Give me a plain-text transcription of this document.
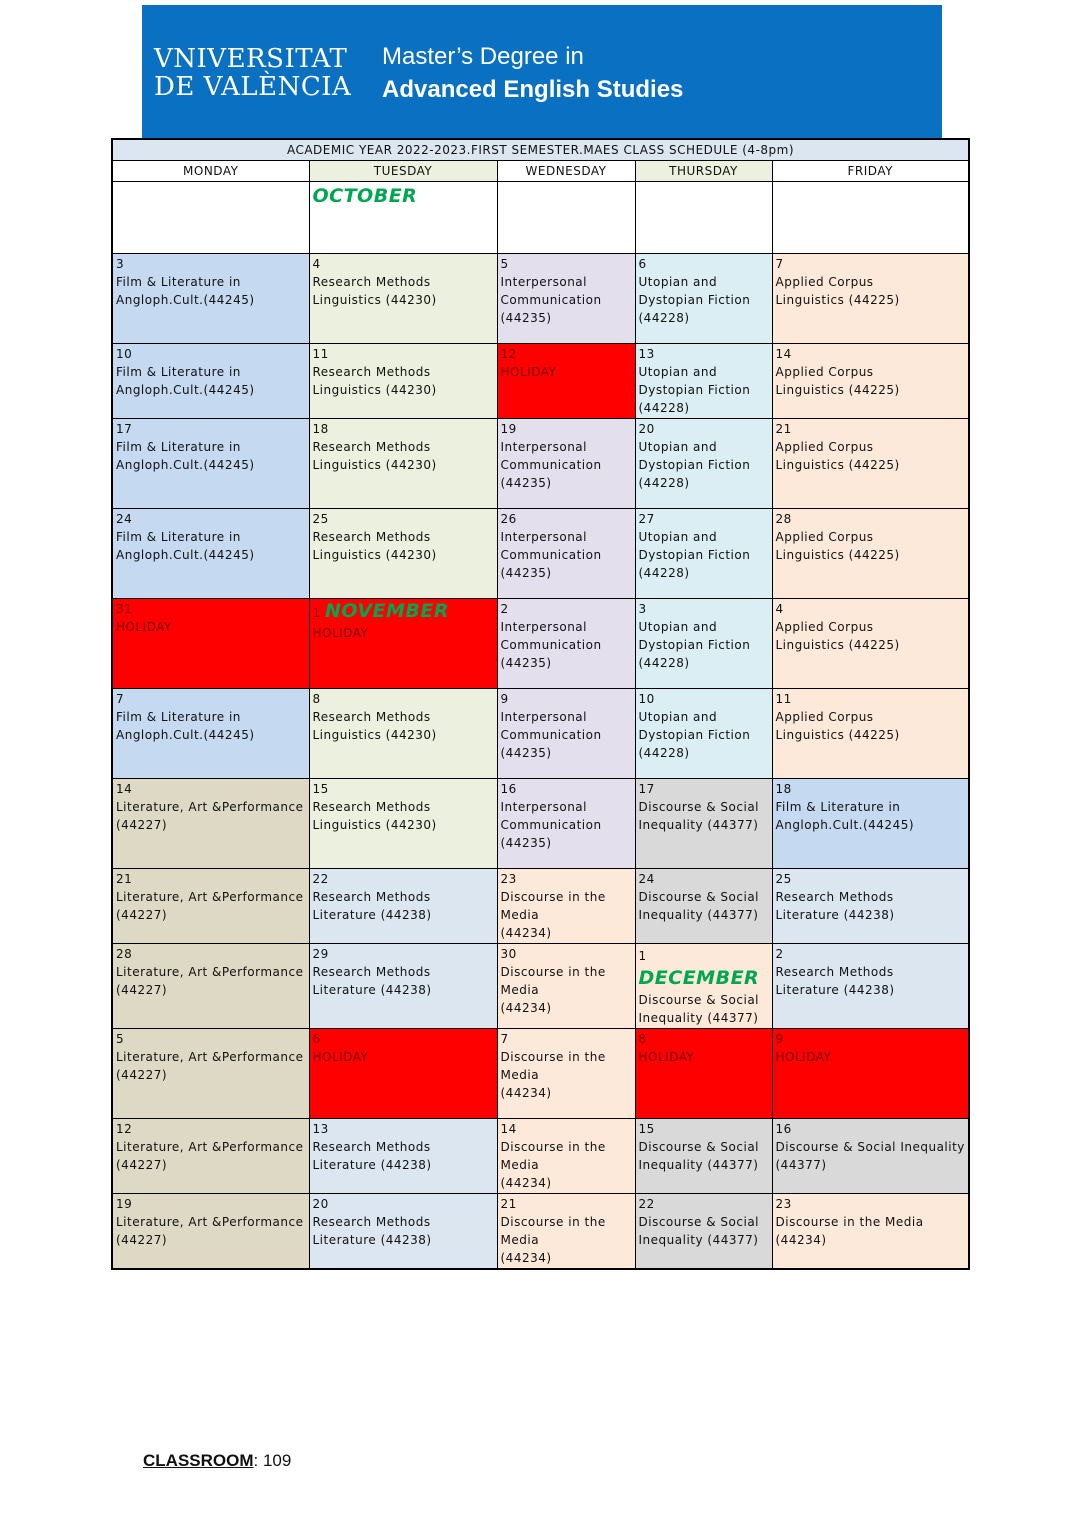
VNIVERSITAT
DE VALÈNCIA
Master’s Degree in
Advanced English Studies
ACADEMIC YEAR 2022-2023.FIRST SEMESTER.MAES CLASS SCHEDULE (4-8pm)				
MONDAY	TUESDAY	WEDNESDAY	THURSDAY	FRIDAY

	OCTOBER			

3
Film & Literature in
Angloph.Cult.(44245)	4
Research Methods
Linguistics (44230)	5
Interpersonal
Communication
(44235)	6
Utopian and
Dystopian Fiction
(44228)	7
Applied Corpus
Linguistics (44225)

10
Film & Literature in
Angloph.Cult.(44245)	11
Research Methods
Linguistics (44230)	12
HOLIDAY	13
Utopian and
Dystopian Fiction
(44228)	14
Applied Corpus
Linguistics (44225)

17
Film & Literature in
Angloph.Cult.(44245)	18
Research Methods
Linguistics (44230)	19
Interpersonal
Communication
(44235)	20
Utopian and
Dystopian Fiction
(44228)	21
Applied Corpus
Linguistics (44225)

24
Film & Literature in
Angloph.Cult.(44245)	25
Research Methods
Linguistics (44230)	26
Interpersonal
Communication
(44235)	27
Utopian and
Dystopian Fiction
(44228)	28
Applied Corpus
Linguistics (44225)

31
HOLIDAY	1 NOVEMBER
HOLIDAY	2
Interpersonal
Communication
(44235)	3
Utopian and
Dystopian Fiction
(44228)	4
Applied Corpus
Linguistics (44225)

7
Film & Literature in
Angloph.Cult.(44245)	8
Research Methods
Linguistics (44230)	9
Interpersonal
Communication
(44235)	10
Utopian and
Dystopian Fiction
(44228)	11
Applied Corpus
Linguistics (44225)

14
Literature, Art &Performance
(44227)	15
Research Methods
Linguistics (44230)	16
Interpersonal
Communication
(44235)	17
Discourse & Social
Inequality (44377)	18
Film & Literature in
Angloph.Cult.(44245)

21
Literature, Art &Performance
(44227)	22
Research Methods
Literature (44238)	23
Discourse in the
Media
(44234)	24
Discourse & Social
Inequality (44377)	25
Research Methods
Literature (44238)

28
Literature, Art &Performance
(44227)	29
Research Methods
Literature (44238)	30
Discourse in the
Media
(44234)	1 DECEMBER
Discourse & Social
Inequality (44377)	2
Research Methods
Literature (44238)

5
Literature, Art &Performance
(44227)	6
HOLIDAY	7
Discourse in the
Media
(44234)	8
HOLIDAY	9
HOLIDAY

12
Literature, Art &Performance
(44227)	13
Research Methods
Literature (44238)	14
Discourse in the
Media
(44234)	15
Discourse & Social
Inequality (44377)	16
Discourse & Social Inequality
(44377)

19
Literature, Art &Performance
(44227)	20
Research Methods
Literature (44238)	21
Discourse in the
Media
(44234)	22
Discourse & Social
Inequality (44377)	23
Discourse in the Media
(44234)
CLASSROOM: 109
